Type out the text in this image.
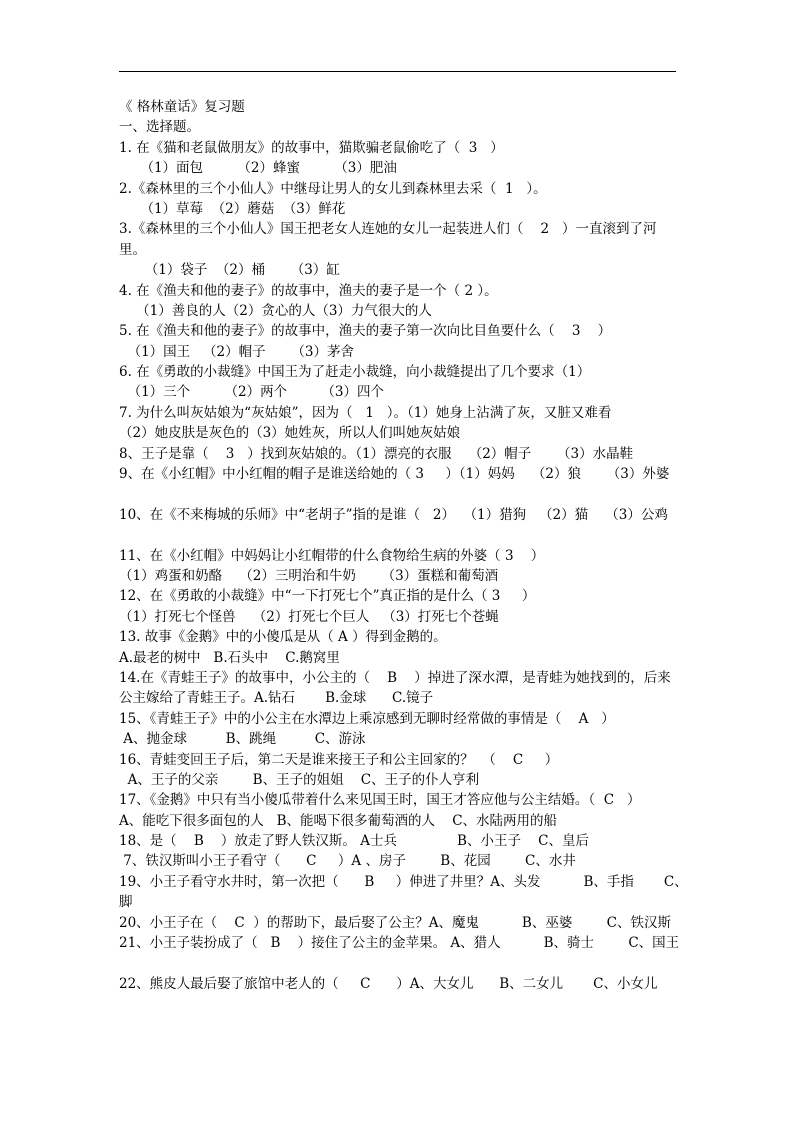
《 格林童话》复习题
一、选择题。
1. 在《猫和老鼠做朋友》的故事中，猫欺骗老鼠偷吃了（  3   ）
（1）面包        （2）蜂蜜        （3）肥油
2.《森林里的三个小仙人》中继母让男人的女儿到森林里去采（  1   ）。
（1）草莓  （2）蘑菇  （3）鲜花
3.《森林里的三个小仙人》国王把老女人连她的女儿一起装进人们（    2   ）一直滚到了河
里。
（1）袋子  （2）桶      （3）缸
4. 在《渔夫和他的妻子》的故事中，渔夫的妻子是一个（ 2 ）。
（1）善良的人（2）贪心的人（3）力气很大的人
5. 在《渔夫和他的妻子》的故事中，渔夫的妻子第一次向比目鱼要什么（    3    ）
（1）国王   （2）帽子      （3）茅舍
6. 在《勇敢的小裁缝》中国王为了赶走小裁缝，向小裁缝提出了几个要求（1）
（1）三个        （2）两个        （3）四个
7. 为什么叫灰姑娘为“灰姑娘”，因为（   1   ）。（1）她身上沾满了灰，又脏又难看
（2）她皮肤是灰色的（3）她姓灰，所以人们叫她灰姑娘
8、王子是靠（    3   ）找到灰姑娘的。（1）漂亮的衣服    （2）帽子      （3）水晶鞋
9、在《小红帽》中小红帽的帽子是谁送给她的（ 3     ）（1）妈妈    （2）狼      （3）外婆
10、在《不来梅城的乐师》中“老胡子”指的是谁（   2）  （1）猎狗   （2）猫    （3）公鸡
11、在《小红帽》中妈妈让小红帽带的什么食物给生病的外婆（ 3    ）
（1）鸡蛋和奶酪    （2）三明治和牛奶      （3）蛋糕和葡萄酒
12、在《勇敢的小裁缝》中“一下打死七个”真正指的是什么（ 3     ）
（1）打死七个怪兽    （2）打死七个巨人   （3）打死七个苍蝇
13. 故事《金鹅》中的小傻瓜是从（ A ）得到金鹅的。
A.最老的树中   B.石头中    C.鹅窝里
14.在《青蛙王子》的故事中，小公主的（    B    ）掉进了深水潭，是青蛙为她找到的，后来
公主嫁给了青蛙王子。A.钻石       B.金球      C.镜子
15、《青蛙王子》中的小公主在水潭边上乘凉感到无聊时经常做的事情是（    A   ）
A、抛金球         B、跳绳         C、游泳
16、青蛙变回王子后，第二天是谁来接王子和公主回家的？  （    C     ）
A、王子的父亲        B、王子的姐姐    C、王子的仆人亨利
17、《金鹅》中只有当小傻瓜带着什么来见国王时，国王才答应他与公主结婚。（  C   ）
A、能吃下很多面包的人   B、能喝下很多葡萄酒的人    C、水陆两用的船
18、是（    B    ）放走了野人铁汉斯。 A士兵              B、小王子    C、皇后
7、铁汉斯叫小王子看守（      C     ）A 、房子        B、花园        C、水井
19、小王子看守水井时，第一次把（      B     ）伸进了井里？A、头发          B、手指       C、
脚
20、小王子在（    C  ）的帮助下，最后娶了公主？A、魔鬼          B、巫婆        C、铁汉斯
21、小王子装扮成了（   B    ）接住了公主的金苹果。 A、猎人          B、骑士        C、国王
22、熊皮人最后娶了旅馆中老人的（     C      ）A、大女儿      B、二女儿       C、小女儿
